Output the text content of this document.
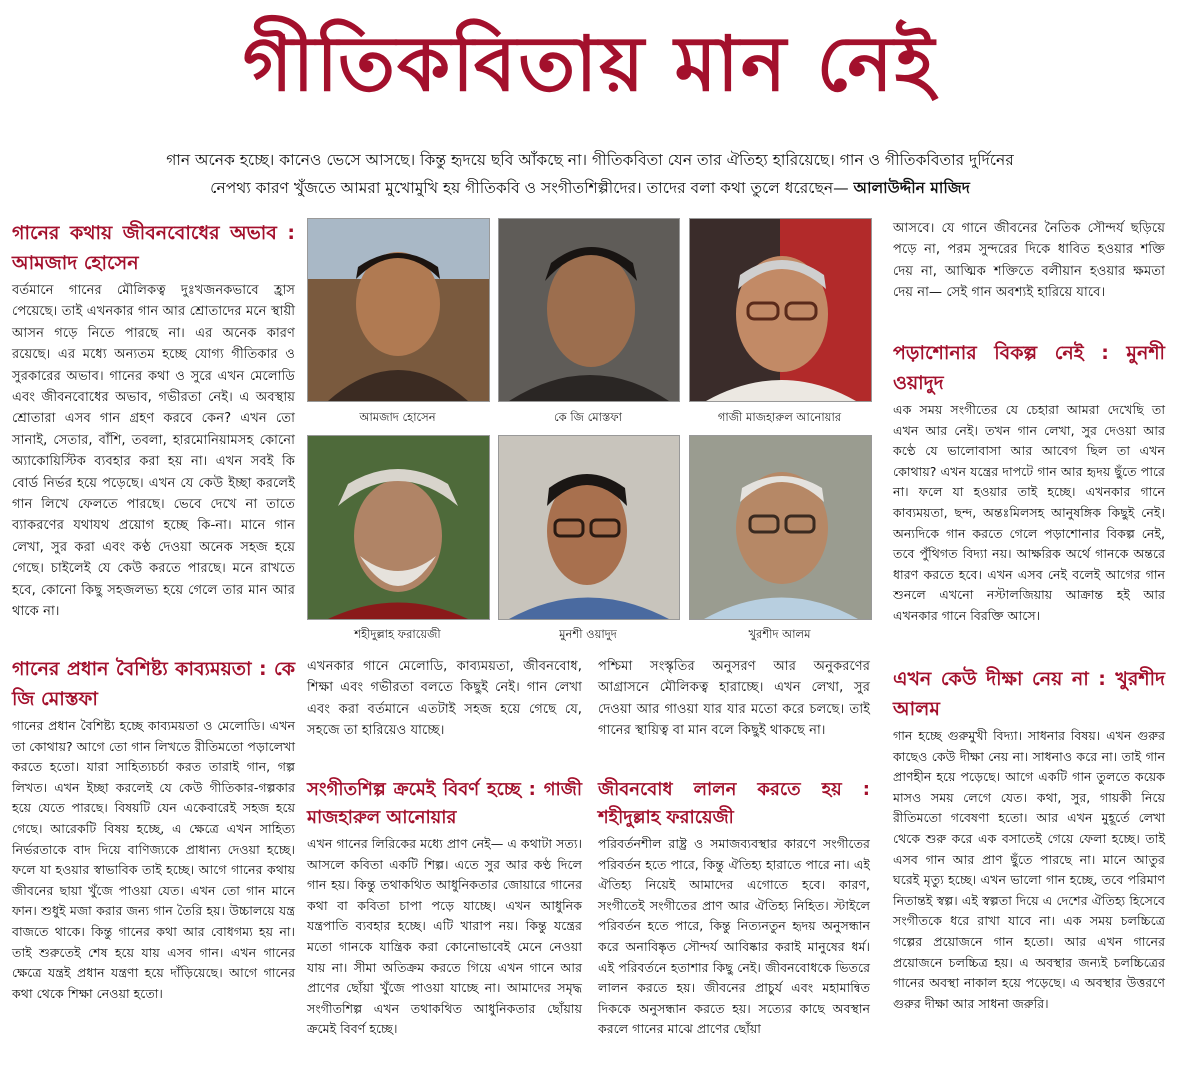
গীতিকবিতায় মান নেই
গান অনেক হচ্ছে। কানেও ভেসে আসছে। কিন্তু হৃদয়ে ছবি আঁকছে না। গীতিকবিতা যেন তার ঐতিহ্য হারিয়েছে। গান ও গীতিকবিতার দুর্দিনের
নেপথ্য কারণ খুঁজতে আমরা মুখোমুখি হয় গীতিকবি ও সংগীতশিল্পীদের। তাদের বলা কথা তুলে ধরেছেন— আলাউদ্দীন মাজিদ
গানের কথায় জীবনবোধের অভাব : আমজাদ হোসেন

বর্তমানে গানের মৌলিকত্ব দুঃখজনকভাবে হ্রাস পেয়েছে। তাই এখনকার গান আর শ্রোতাদের মনে স্থায়ী আসন গড়ে নিতে পারছে না। এর অনেক কারণ রয়েছে। এর মধ্যে অন্যতম হচ্ছে যোগ্য গীতিকার ও সুরকারের অভাব। গানের কথা ও সুরে এখন মেলোডি এবং জীবনবোধের অভাব, গভীরতা নেই। এ অবস্থায় শ্রোতারা এসব গান গ্রহণ করবে কেন? এখন তো সানাই, সেতার, বাঁশি, তবলা, হারমোনিয়ামসহ কোনো অ্যাকোয়িস্টিক ব্যবহার করা হয় না। এখন সবই কি বোর্ড নির্ভর হয়ে পড়েছে। এখন যে কেউ ইচ্ছা করলেই গান লিখে ফেলতে পারছে। ভেবে দেখে না তাতে ব্যাকরণের যথাযথ প্রয়োগ হচ্ছে কি-না। মানে গান লেখা, সুর করা এবং কণ্ঠ দেওয়া অনেক সহজ হয়ে গেছে। চাইলেই যে কেউ করতে পারছে। মনে রাখতে হবে, কোনো কিছু সহজলভ্য হয়ে গেলে তার মান আর থাকে না।

আমজাদ হোসেন	কে জি মোস্তফা	গাজী মাজহারুল আনোয়ার
শহীদুল্লাহ ফরায়েজী	মুনশী ওয়াদুদ	খুরশীদ আলম
গানের প্রধান বৈশিষ্ট্য কাব্যময়তা : কে জি মোস্তফা

গানের প্রধান বৈশিষ্ট্য হচ্ছে কাব্যময়তা ও মেলোডি। এখন তা কোথায়? আগে তো গান লিখতে রীতিমতো পড়ালেখা করতে হতো। যারা সাহিত্যচর্চা করত তারাই গান, গল্প লিখত। এখন ইচ্ছা করলেই যে কেউ গীতিকার-গল্পকার হয়ে যেতে পারছে। বিষয়টি যেন একেবারেই সহজ হয়ে গেছে। আরেকটি বিষয় হচ্ছে, এ ক্ষেত্রে এখন সাহিত্য নির্ভরতাকে বাদ দিয়ে বাণিজ্যকে প্রাধান্য দেওয়া হচ্ছে। ফলে যা হওয়ার স্বাভাবিক তাই হচ্ছে। আগে গানের কথায় জীবনের ছায়া খুঁজে পাওয়া যেত। এখন তো গান মানে ফান। শুধুই মজা করার জন্য গান তৈরি হয়। উচ্চালয়ে যন্ত্র বাজতে থাকে। কিন্তু গানের কথা আর বোধগম্য হয় না। তাই শুরুতেই শেষ হয়ে যায় এসব গান। এখন গানের ক্ষেত্রে যন্ত্রই প্রধান যন্ত্রণা হয়ে দাঁড়িয়েছে। আগে গানের কথা থেকে শিক্ষা নেওয়া হতো।

এখনকার গানে মেলোডি, কাব্যময়তা, জীবনবোধ, শিক্ষা এবং গভীরতা বলতে কিছুই নেই। গান লেখা এবং করা বর্তমানে এতটাই সহজ হয়ে গেছে যে, সহজে তা হারিয়েও যাচ্ছে।

সংগীতশিল্প ক্রমেই বিবর্ণ হচ্ছে : গাজী মাজহারুল আনোয়ার

এখন গানের লিরিকের মধ্যে প্রাণ নেই— এ কথাটা সত্য। আসলে কবিতা একটি শিল্প। এতে সুর আর কণ্ঠ দিলে গান হয়। কিন্তু তথাকথিত আধুনিকতার জোয়ারে গানের কথা বা কবিতা চাপা পড়ে যাচ্ছে। এখন আধুনিক যন্ত্রপাতি ব্যবহার হচ্ছে। এটি খারাপ নয়। কিন্তু যন্ত্রের মতো গানকে যান্ত্রিক করা কোনোভাবেই মেনে নেওয়া যায় না। সীমা অতিক্রম করতে গিয়ে এখন গানে আর প্রাণের ছোঁয়া খুঁজে পাওয়া যাচ্ছে না। আমাদের সমৃদ্ধ সংগীতশিল্প এখন তথাকথিত আধুনিকতার ছোঁয়ায় ক্রমেই বিবর্ণ হচ্ছে।

পশ্চিমা সংস্কৃতির অনুসরণ আর অনুকরণের আগ্রাসনে মৌলিকত্ব হারাচ্ছে। এখন লেখা, সুর দেওয়া আর গাওয়া যার যার মতো করে চলছে। তাই গানের স্থায়িত্ব বা মান বলে কিছুই থাকছে না।

জীবনবোধ লালন করতে হয় : শহীদুল্লাহ ফরায়েজী

পরিবর্তনশীল রাষ্ট্র ও সমাজব্যবস্থার কারণে সংগীতের পরিবর্তন হতে পারে, কিন্তু ঐতিহ্য হারাতে পারে না। এই ঐতিহ্য নিয়েই আমাদের এগোতে হবে। কারণ, সংগীতেই সংগীতের প্রাণ আর ঐতিহ্য নিহিত। স্টাইলে পরিবর্তন হতে পারে, কিন্তু নিত্যনতুন হৃদয় অনুসন্ধান করে অনাবিষ্কৃত সৌন্দর্য আবিষ্কার করাই মানুষের ধর্ম। এই পরিবর্তনে হতাশার কিছু নেই। জীবনবোধকে ভিতরে লালন করতে হয়। জীবনের প্রাচুর্য এবং মহামান্বিত দিককে অনুসন্ধান করতে হয়। সত্যের কাছে অবস্থান করলে গানের মাঝে প্রাণের ছোঁয়া

আসবে। যে গানে জীবনের নৈতিক সৌন্দর্য ছড়িয়ে পড়ে না, পরম সুন্দরের দিকে ধাবিত হওয়ার শক্তি দেয় না, আত্মিক শক্তিতে বলীয়ান হওয়ার ক্ষমতা দেয় না— সেই গান অবশ্যই হারিয়ে যাবে।

পড়াশোনার বিকল্প নেই : মুনশী ওয়াদুদ

এক সময় সংগীতের যে চেহারা আমরা দেখেছি তা এখন আর নেই। তখন গান লেখা, সুর দেওয়া আর কণ্ঠে যে ভালোবাসা আর আবেগ ছিল তা এখন কোথায়? এখন যন্ত্রের দাপটে গান আর হৃদয় ছুঁতে পারে না। ফলে যা হওয়ার তাই হচ্ছে। এখনকার গানে কাব্যময়তা, ছন্দ, অন্তঃমিলসহ আনুষঙ্গিক কিছুই নেই। অন্যদিকে গান করতে গেলে পড়াশোনার বিকল্প নেই, তবে পুঁথিগত বিদ্যা নয়। আক্ষরিক অর্থে গানকে অন্তরে ধারণ করতে হবে। এখন এসব নেই বলেই আগের গান শুনলে এখনো নস্টালজিয়ায় আক্রান্ত হই আর এখনকার গানে বিরক্তি আসে।

এখন কেউ দীক্ষা নেয় না : খুরশীদ আলম

গান হচ্ছে গুরুমুখী বিদ্যা। সাধনার বিষয়। এখন গুরুর কাছেও কেউ দীক্ষা নেয় না। সাধনাও করে না। তাই গান প্রাণহীন হয়ে পড়েছে। আগে একটি গান তুলতে কয়েক মাসও সময় লেগে যেত। কথা, সুর, গায়কী নিয়ে রীতিমতো গবেষণা হতো। আর এখন মুহূর্তে লেখা থেকে শুরু করে এক বসাতেই গেয়ে ফেলা হচ্ছে। তাই এসব গান আর প্রাণ ছুঁতে পারছে না। মানে আতুর ঘরেই মৃত্যু হচ্ছে। এখন ভালো গান হচ্ছে, তবে পরিমাণ নিতান্তই স্বল্প। এই স্বল্পতা দিয়ে এ দেশের ঐতিহ্য হিসেবে সংগীতকে ধরে রাখা যাবে না। এক সময় চলচ্চিত্রে গল্পের প্রয়োজনে গান হতো। আর এখন গানের প্রয়োজনে চলচ্চিত্র হয়। এ অবস্থার জন্যই চলচ্চিত্রের গানের অবস্থা নাকাল হয়ে পড়েছে। এ অবস্থার উত্তরণে গুরুর দীক্ষা আর সাধনা জরুরি।
